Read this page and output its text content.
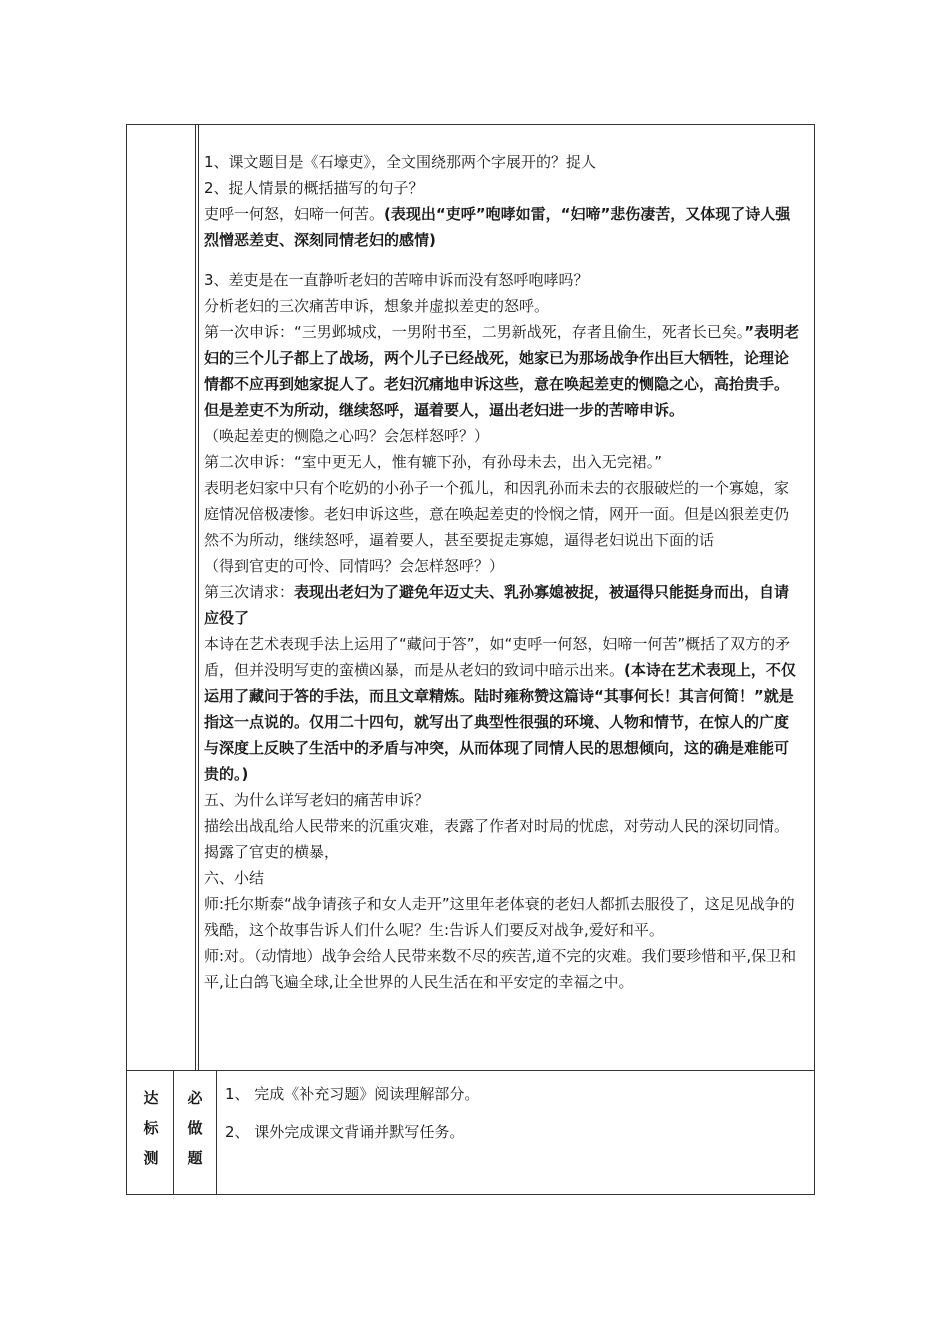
1、课文题目是《石壕吏》，全文围绕那两个字展开的？捉人

2、捉人情景的概括描写的句子？

吏呼一何怒，妇啼一何苦。(表现出“吏呼”咆哮如雷，“妇啼”悲伤凄苦，又体现了诗人强烈憎恶差吏、深刻同情老妇的感情)

3、差吏是在一直静听老妇的苦啼申诉而没有怒呼咆哮吗？

分析老妇的三次痛苦申诉，想象并虚拟差吏的怒呼。

第一次申诉：“三男邺城戍，一男附书至，二男新战死，存者且偷生，死者长已矣。”表明老妇的三个儿子都上了战场，两个儿子已经战死，她家已为那场战争作出巨大牺牲，论理论情都不应再到她家捉人了。老妇沉痛地申诉这些，意在唤起差吏的恻隐之心，高抬贵手。但是差吏不为所动，继续怒呼，逼着要人，逼出老妇进一步的苦啼申诉。

（唤起差吏的恻隐之心吗？会怎样怒呼？）

第二次申诉：“室中更无人，惟有辘下孙，有孙母未去，出入无完裙。”

表明老妇家中只有个吃奶的小孙子一个孤儿，和因乳孙而未去的衣服破烂的一个寡媳，家庭情况倍极凄惨。老妇申诉这些，意在唤起差吏的怜悯之情，网开一面。但是凶狠差吏仍然不为所动，继续怒呼，逼着要人，甚至要捉走寡媳，逼得老妇说出下面的话

（得到官吏的可怜、同情吗？会怎样怒呼？）

第三次请求：表现出老妇为了避免年迈丈夫、乳孙寡媳被捉，被逼得只能挺身而出，自请应役了

本诗在艺术表现手法上运用了“藏问于答”，如“吏呼一何怒，妇啼一何苦”概括了双方的矛盾，但并没明写吏的蛮横凶暴，而是从老妇的致词中暗示出来。(本诗在艺术表现上，不仅运用了藏问于答的手法，而且文章精炼。陆时雍称赞这篇诗“其事何长！其言何简！”就是指这一点说的。仅用二十四句，就写出了典型性很强的环境、人物和情节，在惊人的广度与深度上反映了生活中的矛盾与冲突，从而体现了同情人民的思想倾向，这的确是难能可贵的。)

五、为什么详写老妇的痛苦申诉？

描绘出战乱给人民带来的沉重灾难，表露了作者对时局的忧虑，对劳动人民的深切同情。揭露了官吏的横暴，

六、小结

师:托尔斯泰“战争请孩子和女人走开”这里年老体衰的老妇人都抓去服役了，这足见战争的残酷，这个故事告诉人们什么呢？生:告诉人们要反对战争,爱好和平。

师:对。（动情地）战争会给人民带来数不尽的疾苦,道不完的灾难。我们要珍惜和平,保卫和平,让白鸽飞遍全球,让全世界的人民生活在和平安定的幸福之中。

达
标
测
必
做
题

1、 完成《补充习题》阅读理解部分。

2、 课外完成课文背诵并默写任务。
